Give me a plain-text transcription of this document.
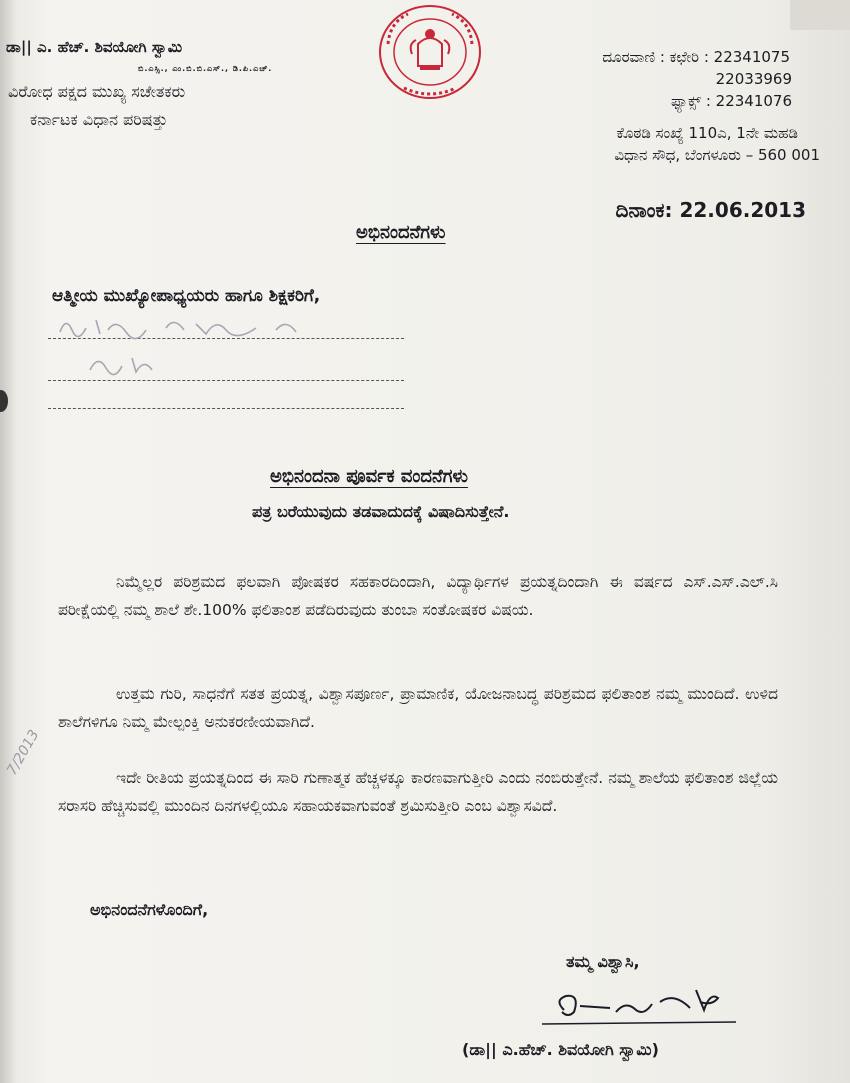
ಡಾ|| ಎ. ಹೆಚ್. ಶಿವಯೋಗಿ ಸ್ವಾಮಿ
ಬಿ.ಎಸ್ಸಿ., ಎಂ.ಬಿ.ಬಿ.ಎಸ್., ಡಿ.ಪಿ.ಎಚ್.
ವಿರೋಧ ಪಕ್ಷದ ಮುಖ್ಯ ಸಚೇತಕರು
ಕರ್ನಾಟಕ ವಿಧಾನ ಪರಿಷತ್ತು
ದೂರವಾಣಿ : ಕಛೇರಿ : 22341075
22033969
ಫ್ಯಾಕ್ಸ್ : 22341076
ಕೊಠಡಿ ಸಂಖ್ಯೆ 110ಎ, 1ನೇ ಮಹಡಿ
ವಿಧಾನ ಸೌಧ, ಬೆಂಗಳೂರು – 560 001
ದಿನಾಂಕ: 22.06.2013
ಅಭಿನಂದನೆಗಳು
ಆತ್ಮೀಯ ಮುಖ್ಯೋಪಾಧ್ಯಯರು ಹಾಗೂ ಶಿಕ್ಷಕರಿಗೆ,
ಅಭಿನಂದನಾ ಪೂರ್ವಕ ವಂದನೆಗಳು
ಪತ್ರ ಬರೆಯುವುದು ತಡವಾದುದಕ್ಕೆ ವಿಷಾದಿಸುತ್ತೇನೆ.
ನಿಮ್ಮೆಲ್ಲರ ಪರಿಶ್ರಮದ ಫಲವಾಗಿ ಪೋಷಕರ ಸಹಕಾರದಿಂದಾಗಿ, ವಿದ್ಯಾರ್ಥಿಗಳ ಪ್ರಯತ್ನದಿಂದಾಗಿ ಈ ವರ್ಷದ ಎಸ್.ಎಸ್.ಎಲ್.ಸಿ ಪರೀಕ್ಷೆಯಲ್ಲಿ ನಮ್ಮ ಶಾಲೆ ಶೇ.100% ಫಲಿತಾಂಶ ಪಡೆದಿರುವುದು ತುಂಬಾ ಸಂತೋಷಕರ ವಿಷಯ.
ಉತ್ತಮ ಗುರಿ, ಸಾಧನೆಗೆ ಸತತ ಪ್ರಯತ್ನ, ವಿಶ್ವಾಸಪೂರ್ಣ, ಪ್ರಾಮಾಣಿಕ, ಯೋಜನಾಬದ್ಧ ಪರಿಶ್ರಮದ ಫಲಿತಾಂಶ ನಮ್ಮ ಮುಂದಿದೆ. ಉಳಿದ ಶಾಲೆಗಳಿಗೂ ನಿಮ್ಮ ಮೇಲ್ಪಂಕ್ತಿ ಅನುಕರಣೀಯವಾಗಿದೆ.
ಇದೇ ರೀತಿಯ ಪ್ರಯತ್ನದಿಂದ ಈ ಸಾರಿ ಗುಣಾತ್ಮಕ ಹೆಚ್ಚಳಕ್ಕೂ ಕಾರಣವಾಗುತ್ತೀರಿ ಎಂದು ನಂಬಿರುತ್ತೇನೆ. ನಮ್ಮ ಶಾಲೆಯ ಫಲಿತಾಂಶ ಜಿಲ್ಲೆಯ ಸರಾಸರಿ ಹೆಚ್ಚಿಸುವಲ್ಲಿ ಮುಂದಿನ ದಿನಗಳಲ್ಲಿಯೂ ಸಹಾಯಕವಾಗುವಂತೆ ಶ್ರಮಿಸುತ್ತೀರಿ ಎಂಬ ವಿಶ್ವಾಸವಿದೆ.
ಅಭಿನಂದನೆಗಳೊಂದಿಗೆ,
ತಮ್ಮ ವಿಶ್ವಾಸಿ,
(ಡಾ|| ಎ.ಹೆಚ್. ಶಿವಯೋಗಿ ಸ್ವಾಮಿ)
7/2013
